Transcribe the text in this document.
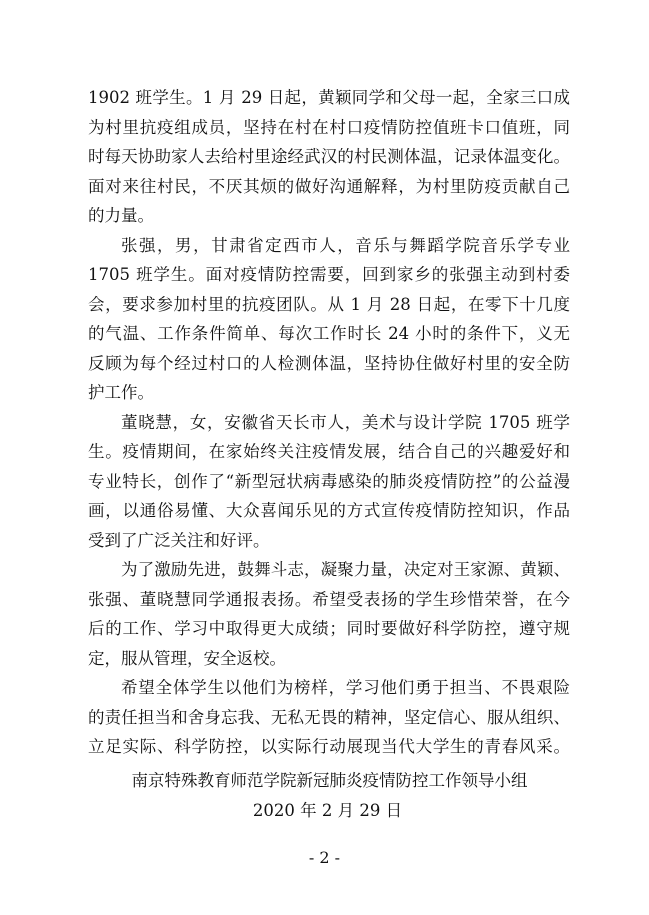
1902 班学生。1 月 29 日起，黄颖同学和父母一起，全家三口成
为村里抗疫组成员，坚持在村在村口疫情防控值班卡口值班，同
时每天协助家人去给村里途经武汉的村民测体温，记录体温变化。
面对来往村民，不厌其烦的做好沟通解释，为村里防疫贡献自己
的力量。

张强，男，甘肃省定西市人，音乐与舞蹈学院音乐学专业
1705 班学生。面对疫情防控需要，回到家乡的张强主动到村委
会，要求参加村里的抗疫团队。从 1 月 28 日起，在零下十几度
的气温、工作条件简单、每次工作时长 24 小时的条件下，义无
反顾为每个经过村口的人检测体温，坚持协住做好村里的安全防
护工作。

董晓慧，女，安徽省天长市人，美术与设计学院 1705 班学
生。疫情期间，在家始终关注疫情发展，结合自己的兴趣爱好和
专业特长，创作了“新型冠状病毒感染的肺炎疫情防控”的公益漫
画，以通俗易懂、大众喜闻乐见的方式宣传疫情防控知识，作品
受到了广泛关注和好评。

为了激励先进，鼓舞斗志，凝聚力量，决定对王家源、黄颖、
张强、董晓慧同学通报表扬。希望受表扬的学生珍惜荣誉，在今
后的工作、学习中取得更大成绩；同时要做好科学防控，遵守规
定，服从管理，安全返校。

希望全体学生以他们为榜样，学习他们勇于担当、不畏艰险
的责任担当和舍身忘我、无私无畏的精神，坚定信心、服从组织、
立足实际、科学防控，以实际行动展现当代大学生的青春风采。

南京特殊教育师范学院新冠肺炎疫情防控工作领导小组
2020 年 2 月 29 日
- 2 -
